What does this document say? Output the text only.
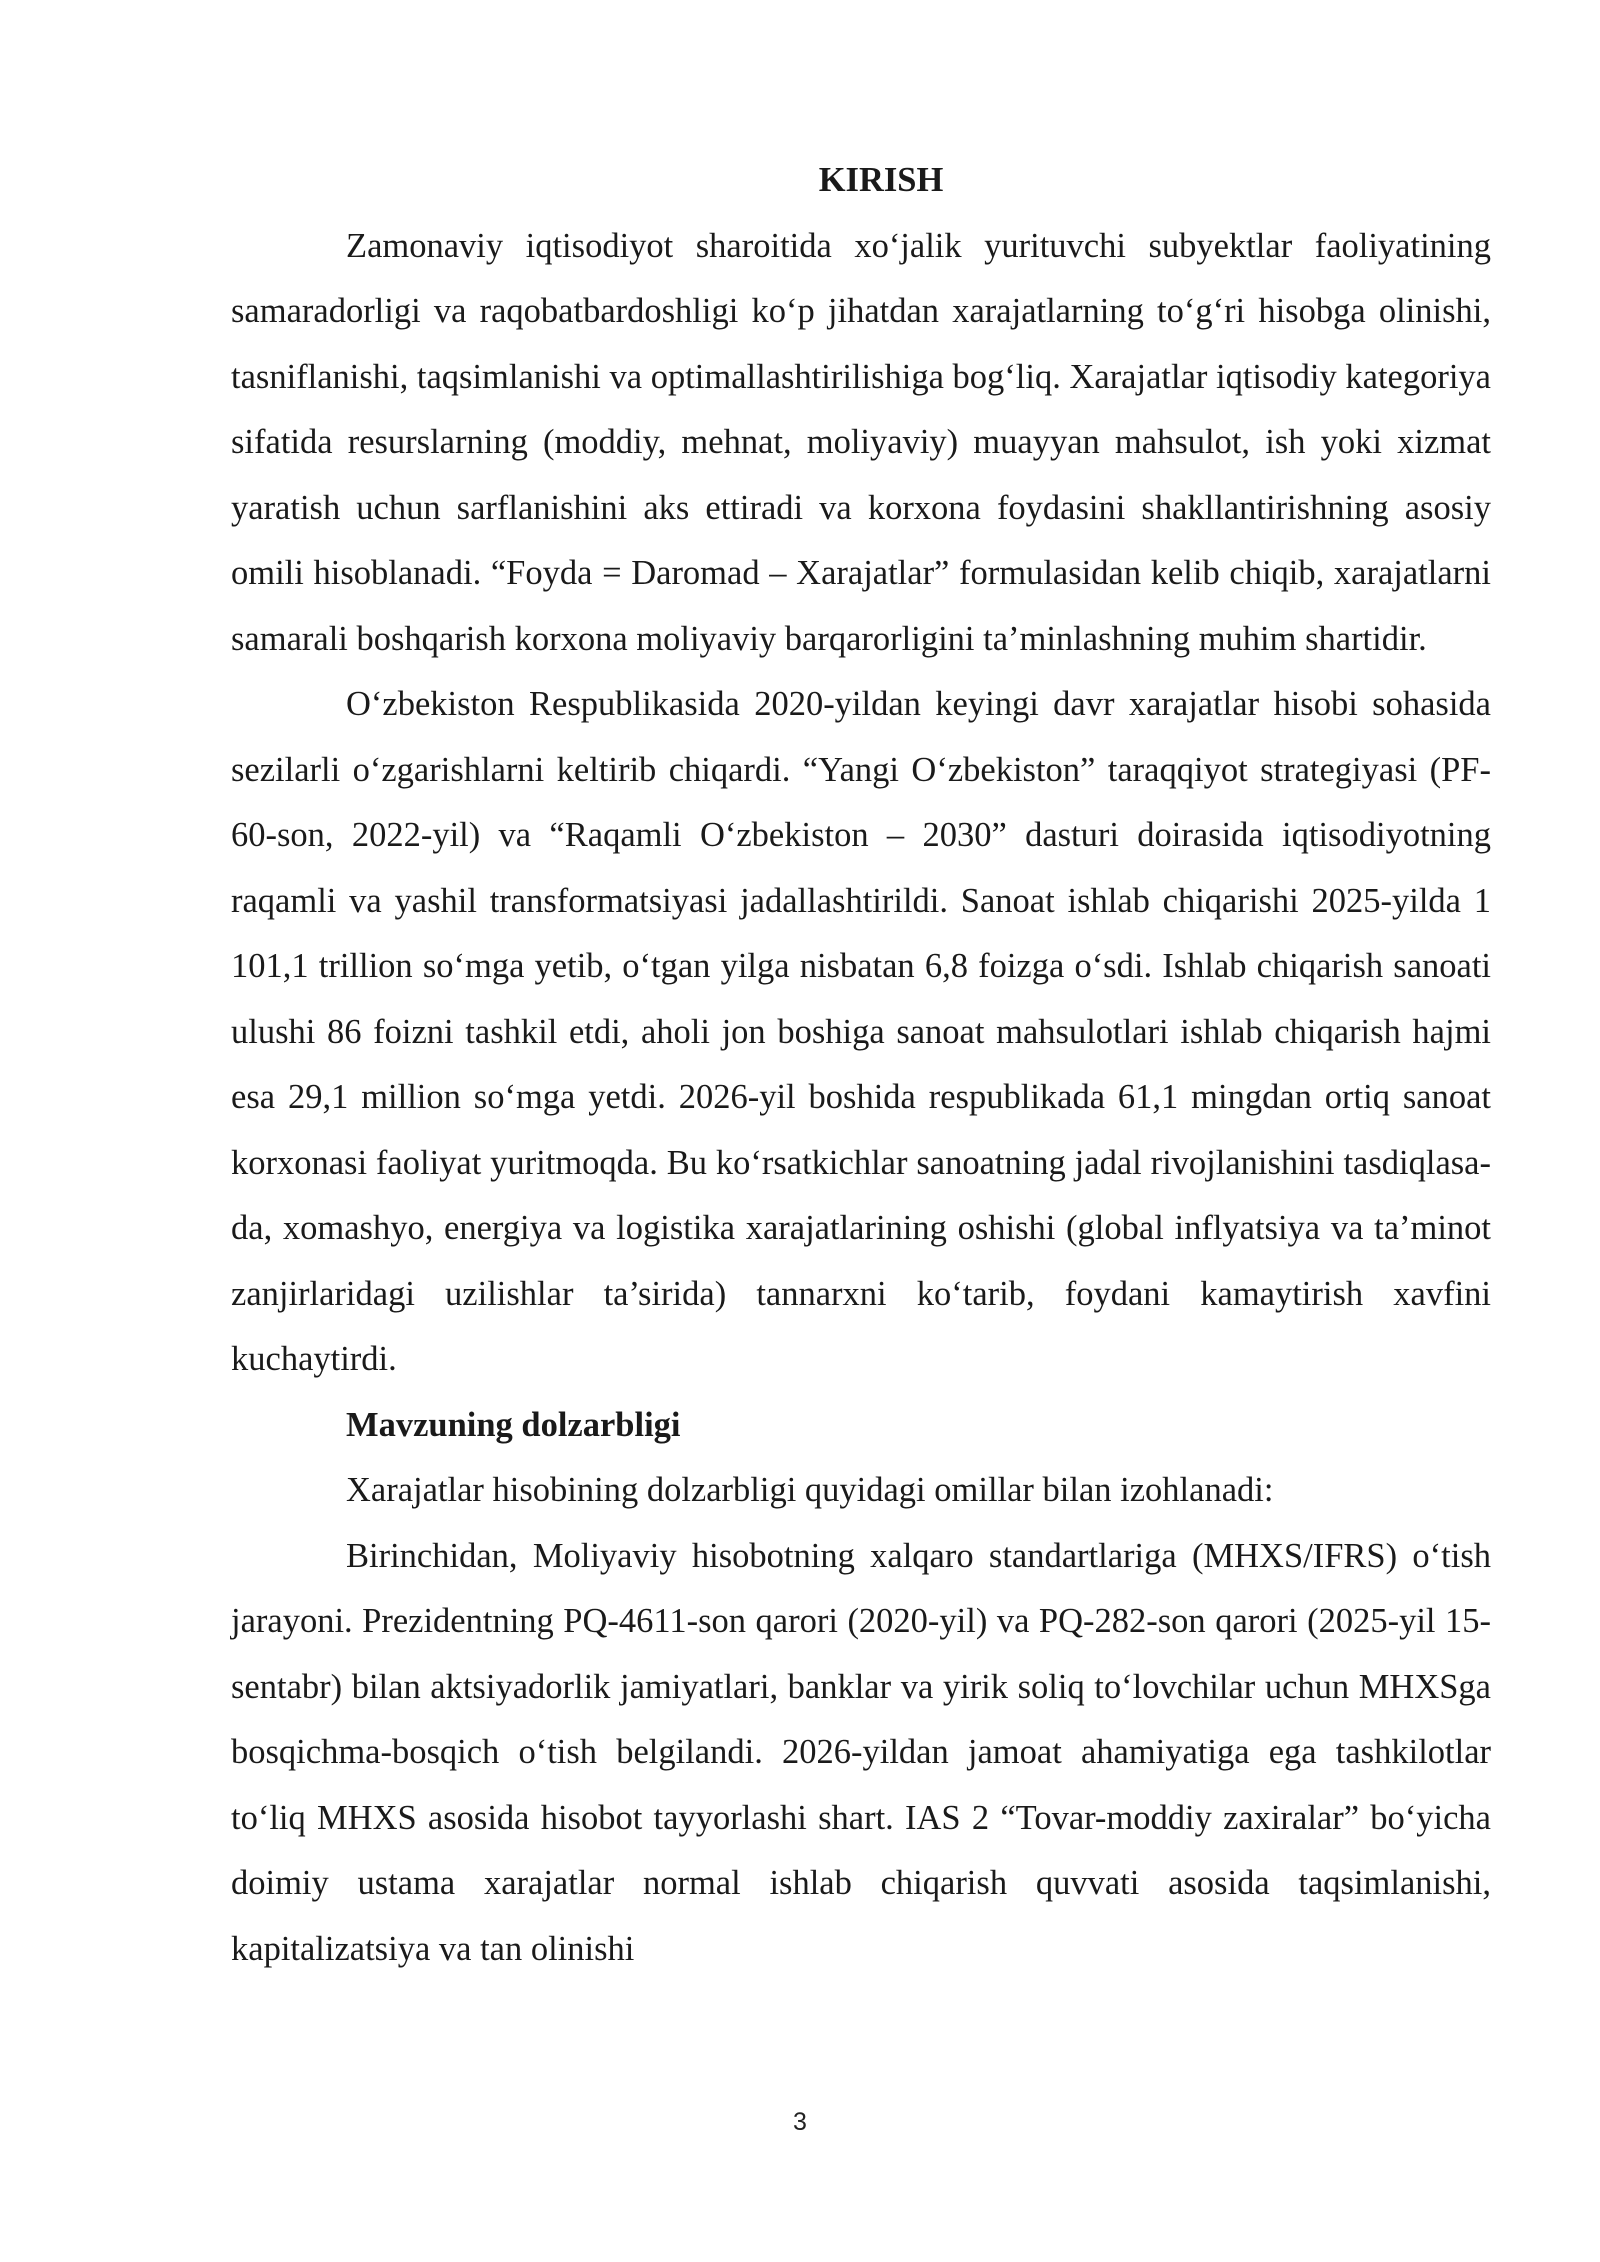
KIRISH

Zamonaviy iqtisodiyot sharoitida xo‘jalik yurituvchi subyektlar faoliyatining samaradorligi va raqobatbardoshligi ko‘p jihatdan xarajatlarning to‘g‘ri hisobga olinishi, tasniflanishi, taqsimlanishi va optimallashtirilishiga bog‘liq. Xarajatlar iqtisodiy kategoriya sifatida resurslarning (moddiy, mehnat, moliyaviy) muayyan mahsulot, ish yoki xizmat yaratish uchun sarflanishini aks ettiradi va korxona foydasini shakllantirishning asosiy omili hisoblanadi. “Foyda = Daromad – Xarajatlar” formulasidan kelib chiqib, xarajatlarni samarali boshqarish korxona moliyaviy barqarorligini ta’minlashning muhim shartidir.

O‘zbekiston Respublikasida 2020-yildan keyingi davr xarajatlar hisobi sohasida sezilarli o‘zgarishlarni keltirib chiqardi. “Yangi O‘zbekiston” taraqqiyot strategiyasi (PF-60-son, 2022-yil) va “Raqamli O‘zbekiston – 2030” dasturi doirasida iqtisodiyotning raqamli va yashil transformatsiyasi jadallashtirildi. Sanoat ishlab chiqarishi 2025-yilda 1 101,1 trillion so‘mga yetib, o‘tgan yilga nisbatan 6,8 foizga o‘sdi. Ishlab chiqarish sanoati ulushi 86 foizni tashkil etdi, aholi jon boshiga sanoat mahsulotlari ishlab chiqarish hajmi esa 29,1 million so‘mga yetdi. 2026-yil boshida respublikada 61,1 mingdan ortiq sanoat korxonasi faoliyat yuritmoqda. Bu ko‘rsatkichlar sanoatning jadal rivojlanishini tasdiqlasa-da, xomashyo, energiya va logistika xarajatlarining oshishi (global inflyatsiya va ta’minot zanjirlaridagi uzilishlar ta’sirida) tannarxni ko‘tarib, foydani kamaytirish xavfini kuchaytirdi.

Mavzuning dolzarbligi

Xarajatlar hisobining dolzarbligi quyidagi omillar bilan izohlanadi:

Birinchidan, Moliyaviy hisobotning xalqaro standartlariga (MHXS/IFRS) o‘tish jarayoni. Prezidentning PQ-4611-son qarori (2020-yil) va PQ-282-son qarori (2025-yil 15-sentabr) bilan aktsiyadorlik jamiyatlari, banklar va yirik soliq to‘lovchilar uchun MHXSga bosqichma-bosqich o‘tish belgilandi. 2026-yildan jamoat ahamiyatiga ega tashkilotlar to‘liq MHXS asosida hisobot tayyorlashi shart. IAS 2 “Tovar-moddiy zaxiralar” bo‘yicha doimiy ustama xarajatlar normal ishlab chiqarish quvvati asosida taqsimlanishi, kapitalizatsiya va tan olinishi

3
